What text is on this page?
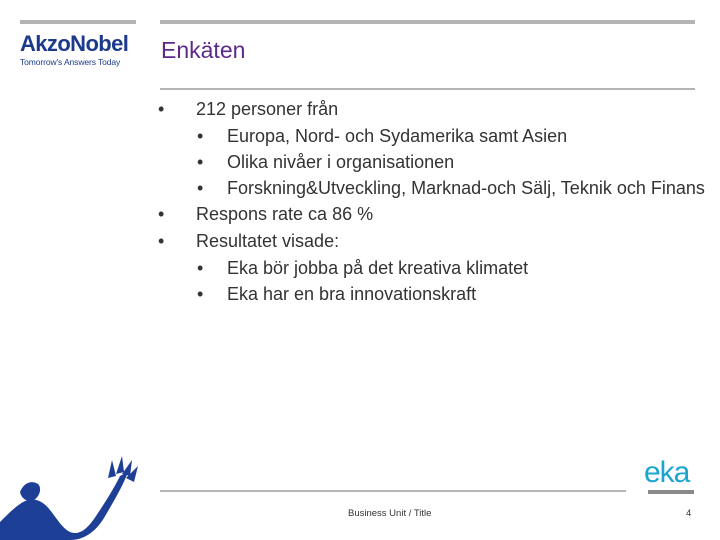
AkzoNobel
Tomorrow's Answers Today	Enkäten
• 212 personer från
• Europa, Nord- och Sydamerika samt Asien
• Olika nivåer i organisationen
• Forskning&Utveckling, Marknad-och Sälj, Teknik och Finans
• Respons rate ca 86 %
• Resultatet visade:
• Eka bör jobba på det kreativa klimatet
• Eka har en bra innovationskraft
eka
Business Unit / Title	4
